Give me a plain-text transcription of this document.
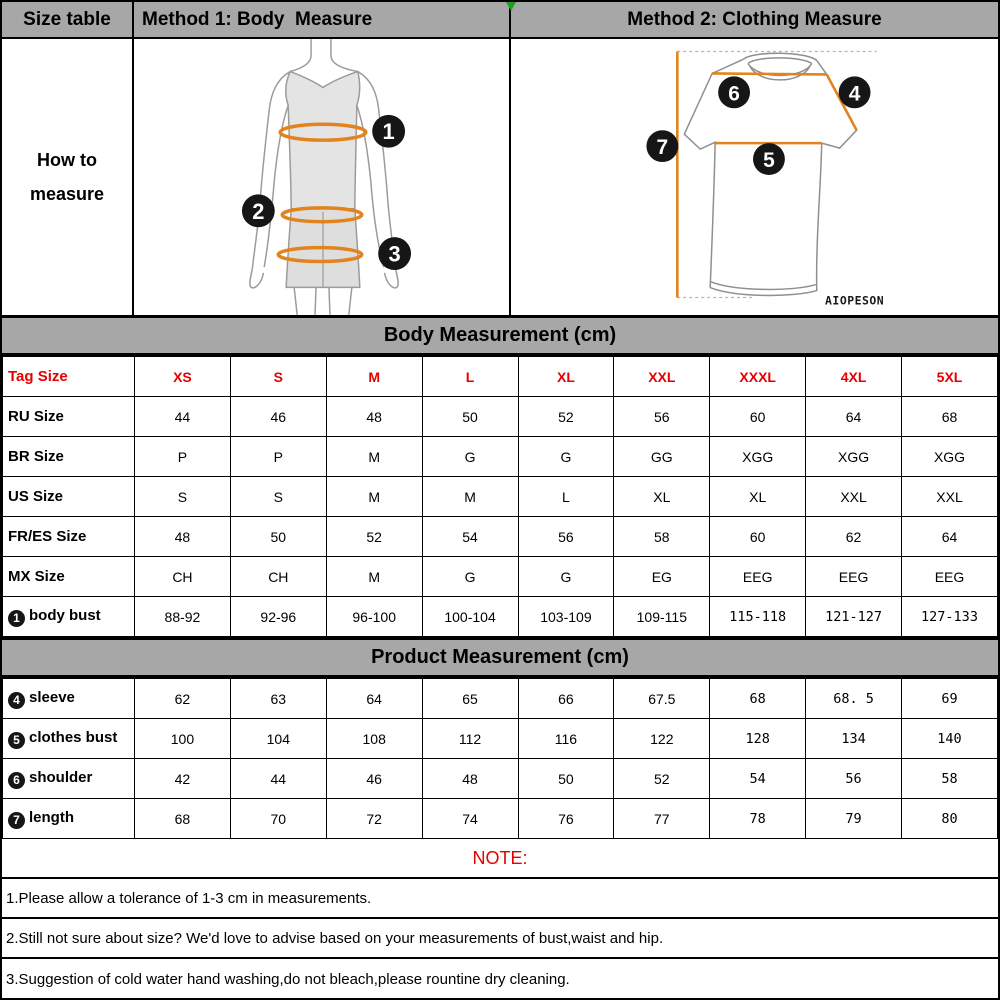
Size table Method 1: Body  Measure	Method 2: Clothing Measure
How to
measure
1
2
3
4
5
6
7
AIOPESON
Body Measurement (cm)
Tag Size	XS	S	M	L	XL	XXL	XXXL	4XL	5XL
RU Size	44	46	48	50	52	56	60	64	68
BR Size	P	P	M	G	G	GG	XGG	XGG	XGG
US Size	S	S	M	M	L	XL	XL	XXL	XXL
FR/ES Size	48	50	52	54	56	58	60	62	64
MX Size	CH	CH	M	G	G	EG	EEG	EEG	EEG
1 body bust	88-92	92-96	96-100	100-104	103-109	109-115	115-118	121-127	127-133
Product Measurement (cm)
4 sleeve	62	63	64	65	66	67.5	68	68. 5	69
5 clothes bust	100	104	108	112	116	122	128	134	140
6 shoulder	42	44	46	48	50	52	54	56	58
7 length	68	70	72	74	76	77	78	79	80
NOTE:
1.Please allow a tolerance of 1-3 cm in measurements.
2.Still not sure about size? We'd love to advise based on your measurements of bust,waist and hip.
3.Suggestion of cold water hand washing,do not bleach,please rountine dry cleaning.
